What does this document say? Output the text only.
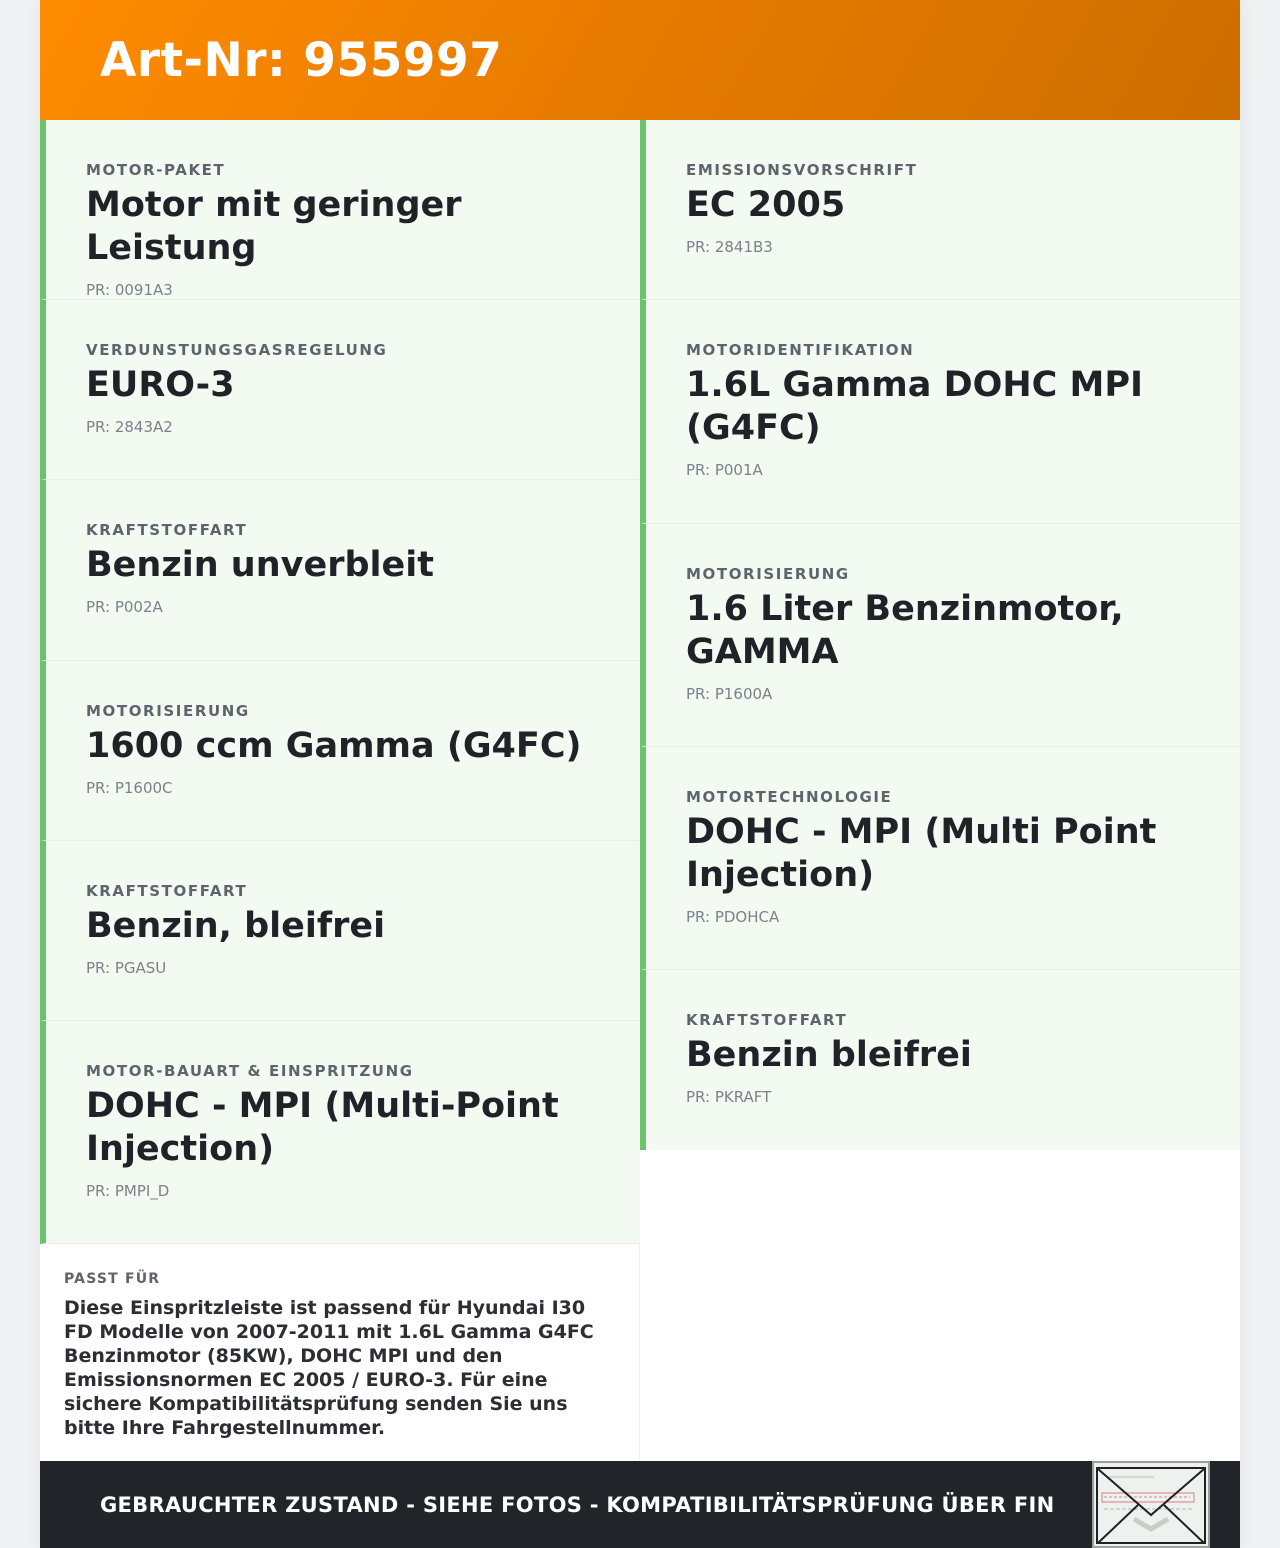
Art-Nr: 955997
MOTOR-PAKET
Motor mit geringer Leistung
PR: 0091A3
VERDUNSTUNGSGASREGELUNG
EURO-3
PR: 2843A2
KRAFTSTOFFART
Benzin unverbleit
PR: P002A
MOTORISIERUNG
1600 ccm Gamma (G4FC)
PR: P1600C
KRAFTSTOFFART
Benzin, bleifrei
PR: PGASU
MOTOR-BAUART & EINSPRITZUNG
DOHC - MPI (Multi-Point Injection)
PR: PMPI_D
PASST FÜR
Diese Einspritzleiste ist passend für Hyundai I30 FD Modelle von 2007-2011 mit 1.6L Gamma G4FC Benzinmotor (85KW), DOHC MPI und den Emissionsnormen EC 2005 / EURO-3. Für eine sichere Kompatibilitätsprüfung senden Sie uns bitte Ihre Fahrgestellnummer.
EMISSIONSVORSCHRIFT
EC 2005
PR: 2841B3
MOTORIDENTIFIKATION
1.6L Gamma DOHC MPI (G4FC)
PR: P001A
MOTORISIERUNG
1.6 Liter Benzinmotor, GAMMA
PR: P1600A
MOTORTECHNOLOGIE
DOHC - MPI (Multi Point Injection)
PR: PDOHCA
KRAFTSTOFFART
Benzin bleifrei
PR: PKRAFT
GEBRAUCHTER ZUSTAND - SIEHE FOTOS - KOMPATIBILITÄTSPRÜFUNG ÜBER FIN
